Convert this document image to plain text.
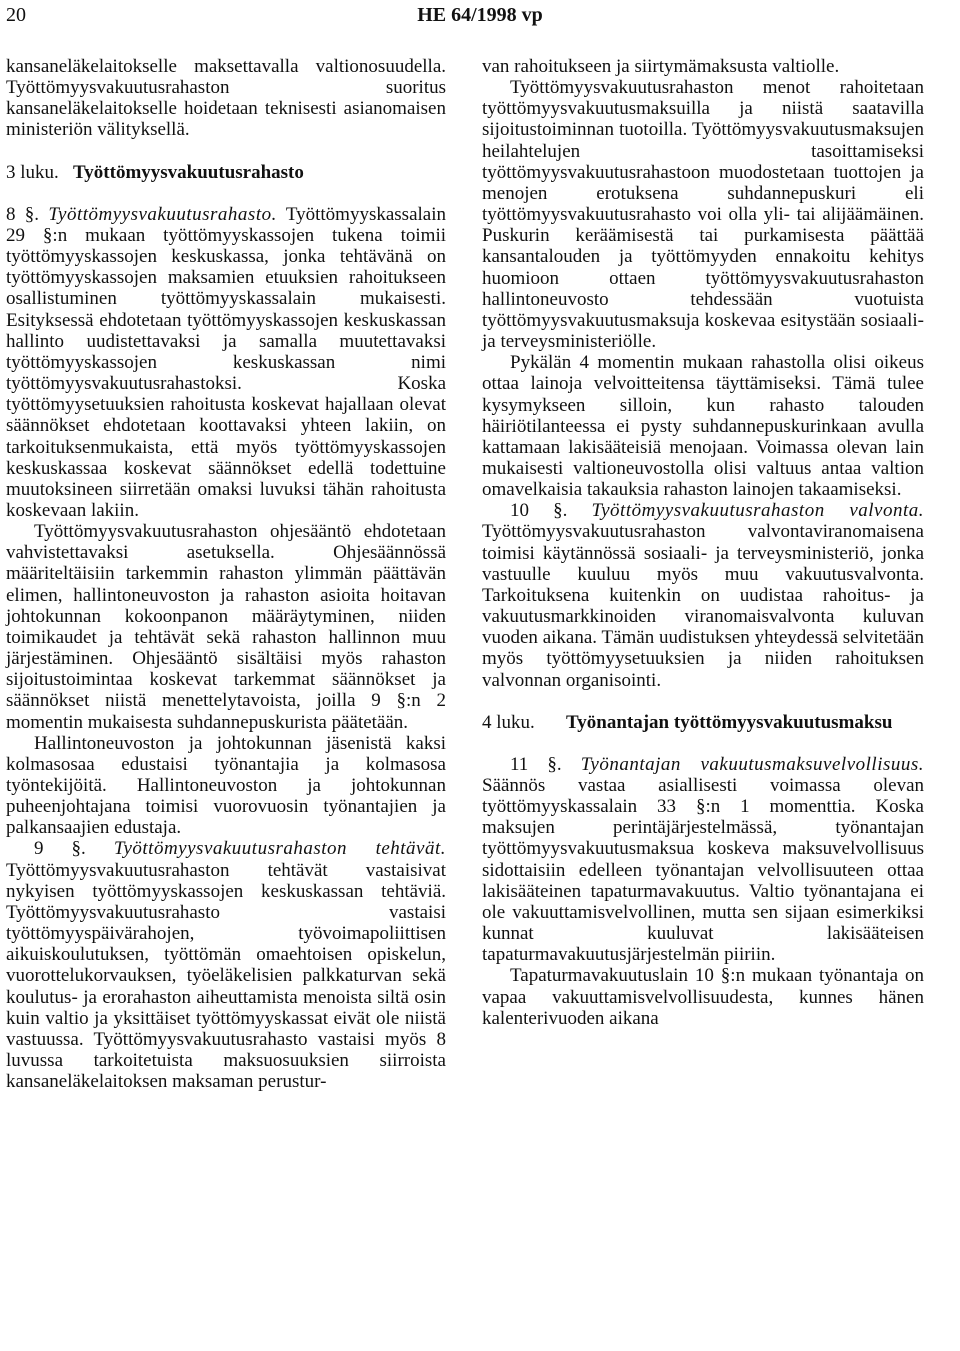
20	HE 64/1998 vp

kansaneläkelaitokselle maksettavalla valtionosuudella. Työttömyysvakuutusrahaston suoritus kansaneläkelaitokselle hoidetaan teknisesti asianomaisen ministeriön välityksellä.

3 luku. Työttömyysvakuutusrahasto

8 §. Työttömyysvakuutusrahasto. Työttömyyskassalain 29 §:n mukaan työttömyyskassojen tukena toimii työttömyyskassojen keskuskassa, jonka tehtävänä on työttömyyskassojen maksamien etuuksien rahoitukseen osallistuminen työttömyyskassalain mukaisesti. Esityksessä ehdotetaan työttömyyskassojen keskuskassan hallinto uudistettavaksi ja samalla muutettavaksi työttömyyskassojen keskuskassan nimi työttömyysvakuutusrahastoksi. Koska työttömyysetuuksien rahoitusta koskevat hajallaan olevat säännökset ehdotetaan koottavaksi yhteen lakiin, on tarkoituksenmukaista, että myös työttömyyskassojen keskuskassaa koskevat säännökset edellä todettuine muutoksineen siirretään omaksi luvuksi tähän rahoitusta koskevaan lakiin.

Työttömyysvakuutusrahaston ohjesääntö ehdotetaan vahvistettavaksi asetuksella. Ohjesäännössä määriteltäisiin tarkemmin rahaston ylimmän päättävän elimen, hallintoneuvoston ja rahaston asioita hoitavan johtokunnan kokoonpanon määräytyminen, niiden toimikaudet ja tehtävät sekä rahaston hallinnon muu järjestäminen. Ohjesääntö sisältäisi myös rahaston sijoitustoimintaa koskevat tarkemmat säännökset ja säännökset niistä menettelytavoista, joilla 9 §:n 2 momentin mukaisesta suhdannepuskurista päätetään.

Hallintoneuvoston ja johtokunnan jäsenistä kaksi kolmasosaa edustaisi työnantajia ja kolmasosa työntekijöitä. Hallintoneuvoston ja johtokunnan puheenjohtajana toimisi vuorovuosin työnantajien ja palkansaajien edustaja.

9 §. Työttömyysvakuutusrahaston tehtävät. Työttömyysvakuutusrahaston tehtävät vastaisivat nykyisen työttömyyskassojen keskuskassan tehtäviä. Työttömyysvakuutusrahasto vastaisi työttömyyspäivärahojen, työvoimapoliittisen aikuiskoulutuksen, työttömän omaehtoisen opiskelun, vuorottelukorvauksen, työeläkelisien palkkaturvan sekä koulutus- ja erorahaston aiheuttamista menoista siltä osin kuin valtio ja yksittäiset työttömyyskassat eivät ole niistä vastuussa. Työttömyysvakuutusrahasto vastaisi myös 8 luvussa tarkoitetuista maksuosuuksien siirroista kansaneläkelaitoksen maksaman perustur-

van rahoitukseen ja siirtymämaksusta valtiolle.

Työttömyysvakuutusrahaston menot rahoitetaan työttömyysvakuutusmaksuilla ja niistä saatavilla sijoitustoiminnan tuotoilla. Työttömyysvakuutusmaksujen heilahtelujen tasoittamiseksi työttömyysvakuutusrahastoon muodostetaan tuottojen ja menojen erotuksena suhdannepuskuri eli työttömyysvakuutusrahasto voi olla yli- tai alijäämäinen. Puskurin keräämisestä tai purkamisesta päättää kansantalouden ja työttömyyden ennakoitu kehitys huomioon ottaen työttömyysvakuutusrahaston hallintoneuvosto tehdessään vuotuista työttömyysvakuutusmaksuja koskevaa esitystään sosiaali- ja terveysministeriölle.

Pykälän 4 momentin mukaan rahastolla olisi oikeus ottaa lainoja velvoitteitensa täyttämiseksi. Tämä tulee kysymykseen silloin, kun rahasto talouden häiriötilanteessa ei pysty suhdannepuskurinkaan avulla kattamaan lakisääteisiä menojaan. Voimassa olevan lain mukaisesti valtioneuvostolla olisi valtuus antaa valtion omavelkaisia takauksia rahaston lainojen takaamiseksi.

10 §. Työttömyysvakuutusrahaston valvonta. Työttömyysvakuutusrahaston valvontaviranomaisena toimisi käytännössä sosiaali- ja terveysministeriö, jonka vastuulle kuuluu myös muu vakuutusvalvonta. Tarkoituksena kuitenkin on uudistaa rahoitus- ja vakuutusmarkkinoiden viranomaisvalvonta kuluvan vuoden aikana. Tämän uudistuksen yhteydessä selvitetään myös työttömyysetuuksien ja niiden rahoituksen valvonnan organisointi.

4 luku.	Työnantajan työttömyysvakuutusmaksu

11 §. Työnantajan vakuutusmaksuvelvollisuus. Säännös vastaa asiallisesti voimassa olevan työttömyyskassalain 33 §:n 1 momenttia. Koska maksujen perintäjärjestelmässä, työnantajan työttömyysvakuutusmaksua koskeva maksuvelvollisuus sidottaisiin edelleen työnantajan velvollisuuteen ottaa lakisääteinen tapaturmavakuutus. Valtio työnantajana ei ole vakuuttamisvelvollinen, mutta sen sijaan esimerkiksi kunnat kuuluvat lakisääteisen tapaturmavakuutusjärjestelmän piiriin.

Tapaturmavakuutuslain 10 §:n mukaan työnantaja on vapaa vakuuttamisvelvollisuudesta, kunnes hänen kalenterivuoden aikana
